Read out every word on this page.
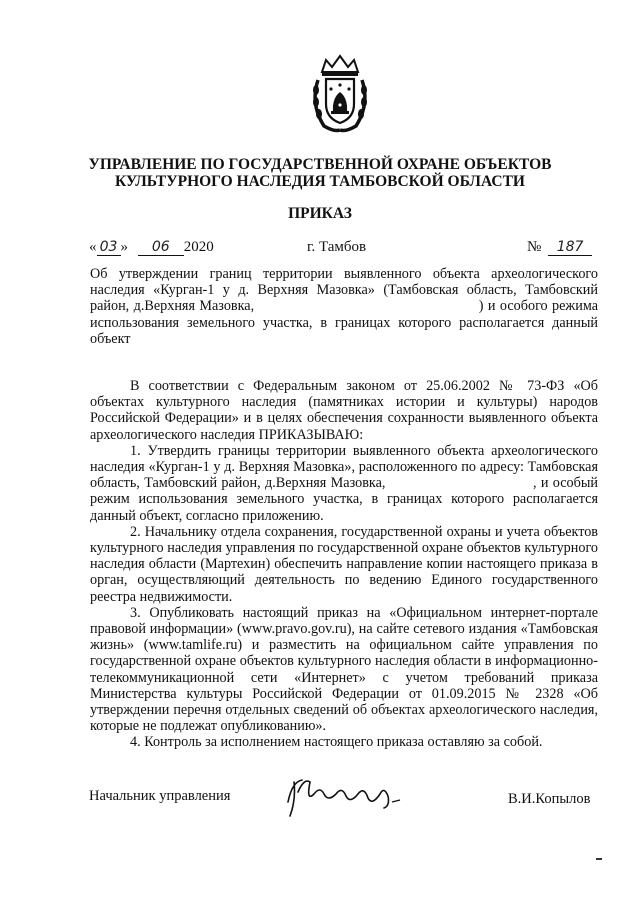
УПРАВЛЕНИЕ ПО ГОСУДАРСТВЕННОЙ ОХРАНЕ ОБЪЕКТОВ
КУЛЬТУРНОГО НАСЛЕДИЯ ТАМБОВСКОЙ ОБЛАСТИ
ПРИКАЗ
« 03 » 06 2020	г. Тамбов	№ 187
Об утверждении границ территории выявленного объекта археологического наследия «Курган-1 у д. Верхняя Мазовка» (Тамбовская область, Тамбовский район, д.Верхняя Мазовка,                                                   ) и особого режима использования земельного участка, в границах которого располагается данный объект

В соответствии с Федеральным законом от 25.06.2002 № 73-ФЗ «Об объектах культурного наследия (памятниках истории и культуры) народов Российской Федерации» и в целях обеспечения сохранности выявленного объекта археологического наследия ПРИКАЗЫВАЮ:

1. Утвердить границы территории выявленного объекта археологического наследия «Курган-1 у д. Верхняя Мазовка», расположенного по адресу: Тамбовская область, Тамбовский район, д.Верхняя Мазовка,                                  , и особый режим использования земельного участка, в границах которого располагается данный объект, согласно приложению.

2. Начальнику отдела сохранения, государственной охраны и учета объектов культурного наследия управления по государственной охране объектов культурного наследия области (Мартехин) обеспечить направление копии настоящего приказа в орган, осуществляющий деятельность по ведению Единого государственного реестра недвижимости.

3. Опубликовать настоящий приказ на «Официальном интернет-портале правовой информации» (www.pravo.gov.ru), на сайте сетевого издания «Тамбовская жизнь» (www.tamlife.ru) и разместить на официальном сайте управления по государственной охране объектов культурного наследия области в информационно-телекоммуникационной сети «Интернет» с учетом требований приказа Министерства культуры Российской Федерации от 01.09.2015 № 2328 «Об утверждении перечня отдельных сведений об объектах археологического наследия, которые не подлежат опубликованию».

4. Контроль за исполнением настоящего приказа оставляю за собой.

Начальник управления	В.И.Копылов
